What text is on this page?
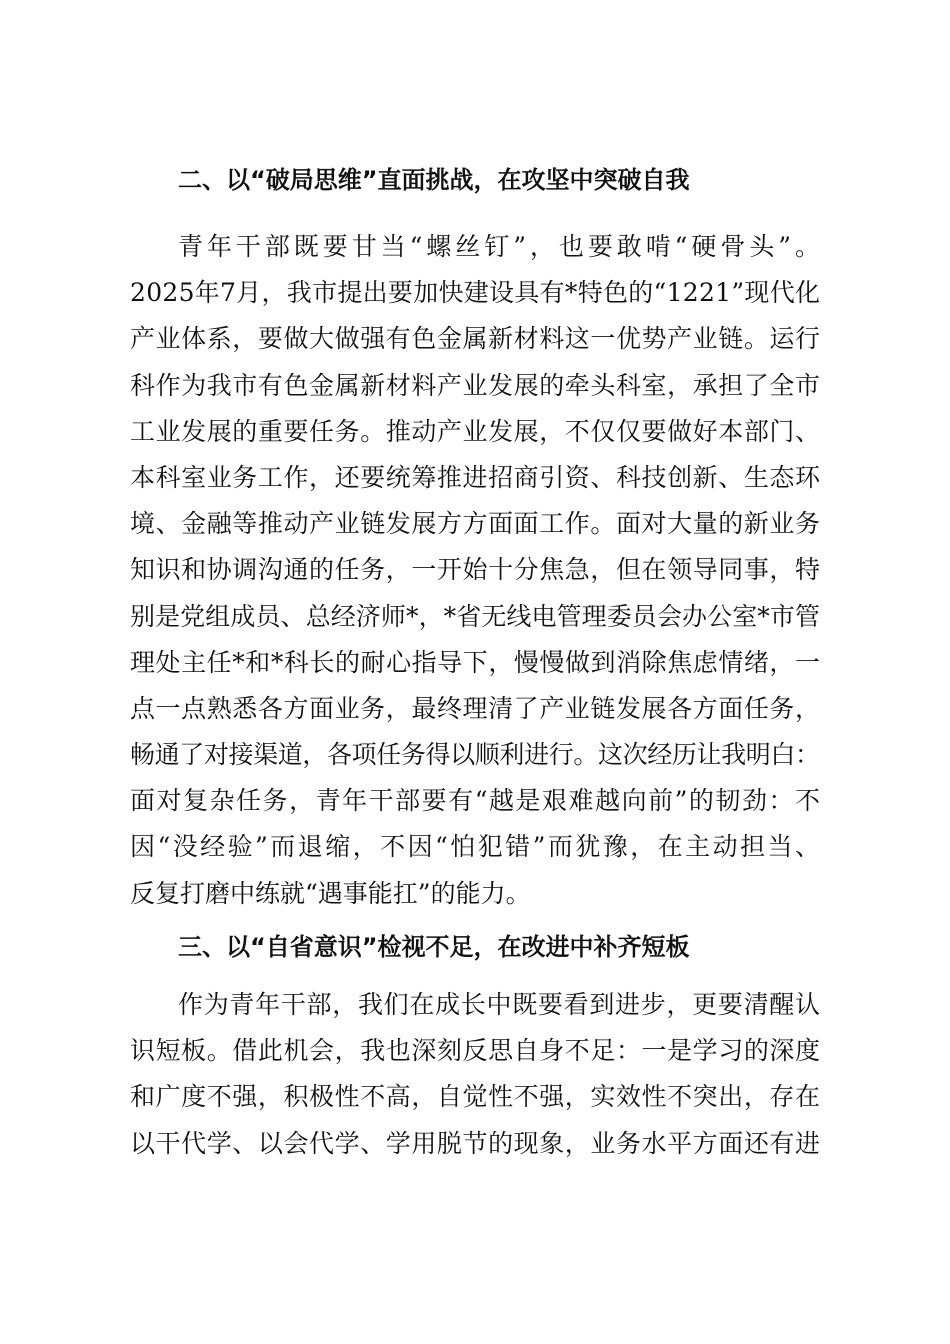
二、以“破局思维”直面挑战，在攻坚中突破自我
青年干部既要甘当“螺丝钉”，也要敢啃“硬骨头”。
2025年7月，我市提出要加快建设具有*特色的“1221”现代化
产业体系，要做大做强有色金属新材料这一优势产业链。运行
科作为我市有色金属新材料产业发展的牵头科室，承担了全市
工业发展的重要任务。推动产业发展，不仅仅要做好本部门、
本科室业务工作，还要统筹推进招商引资、科技创新、生态环
境、金融等推动产业链发展方方面面工作。面对大量的新业务
知识和协调沟通的任务，一开始十分焦急，但在领导同事，特
别是党组成员、总经济师*，*省无线电管理委员会办公室*市管
理处主任*和*科长的耐心指导下，慢慢做到消除焦虑情绪，一
点一点熟悉各方面业务，最终理清了产业链发展各方面任务，
畅通了对接渠道，各项任务得以顺利进行。这次经历让我明白：
面对复杂任务，青年干部要有“越是艰难越向前”的韧劲：不
因“没经验”而退缩，不因“怕犯错”而犹豫，在主动担当、
反复打磨中练就“遇事能扛”的能力。
三、以“自省意识”检视不足，在改进中补齐短板
作为青年干部，我们在成长中既要看到进步，更要清醒认
识短板。借此机会，我也深刻反思自身不足：一是学习的深度
和广度不强，积极性不高，自觉性不强，实效性不突出，存在
以干代学、以会代学、学用脱节的现象，业务水平方面还有进
